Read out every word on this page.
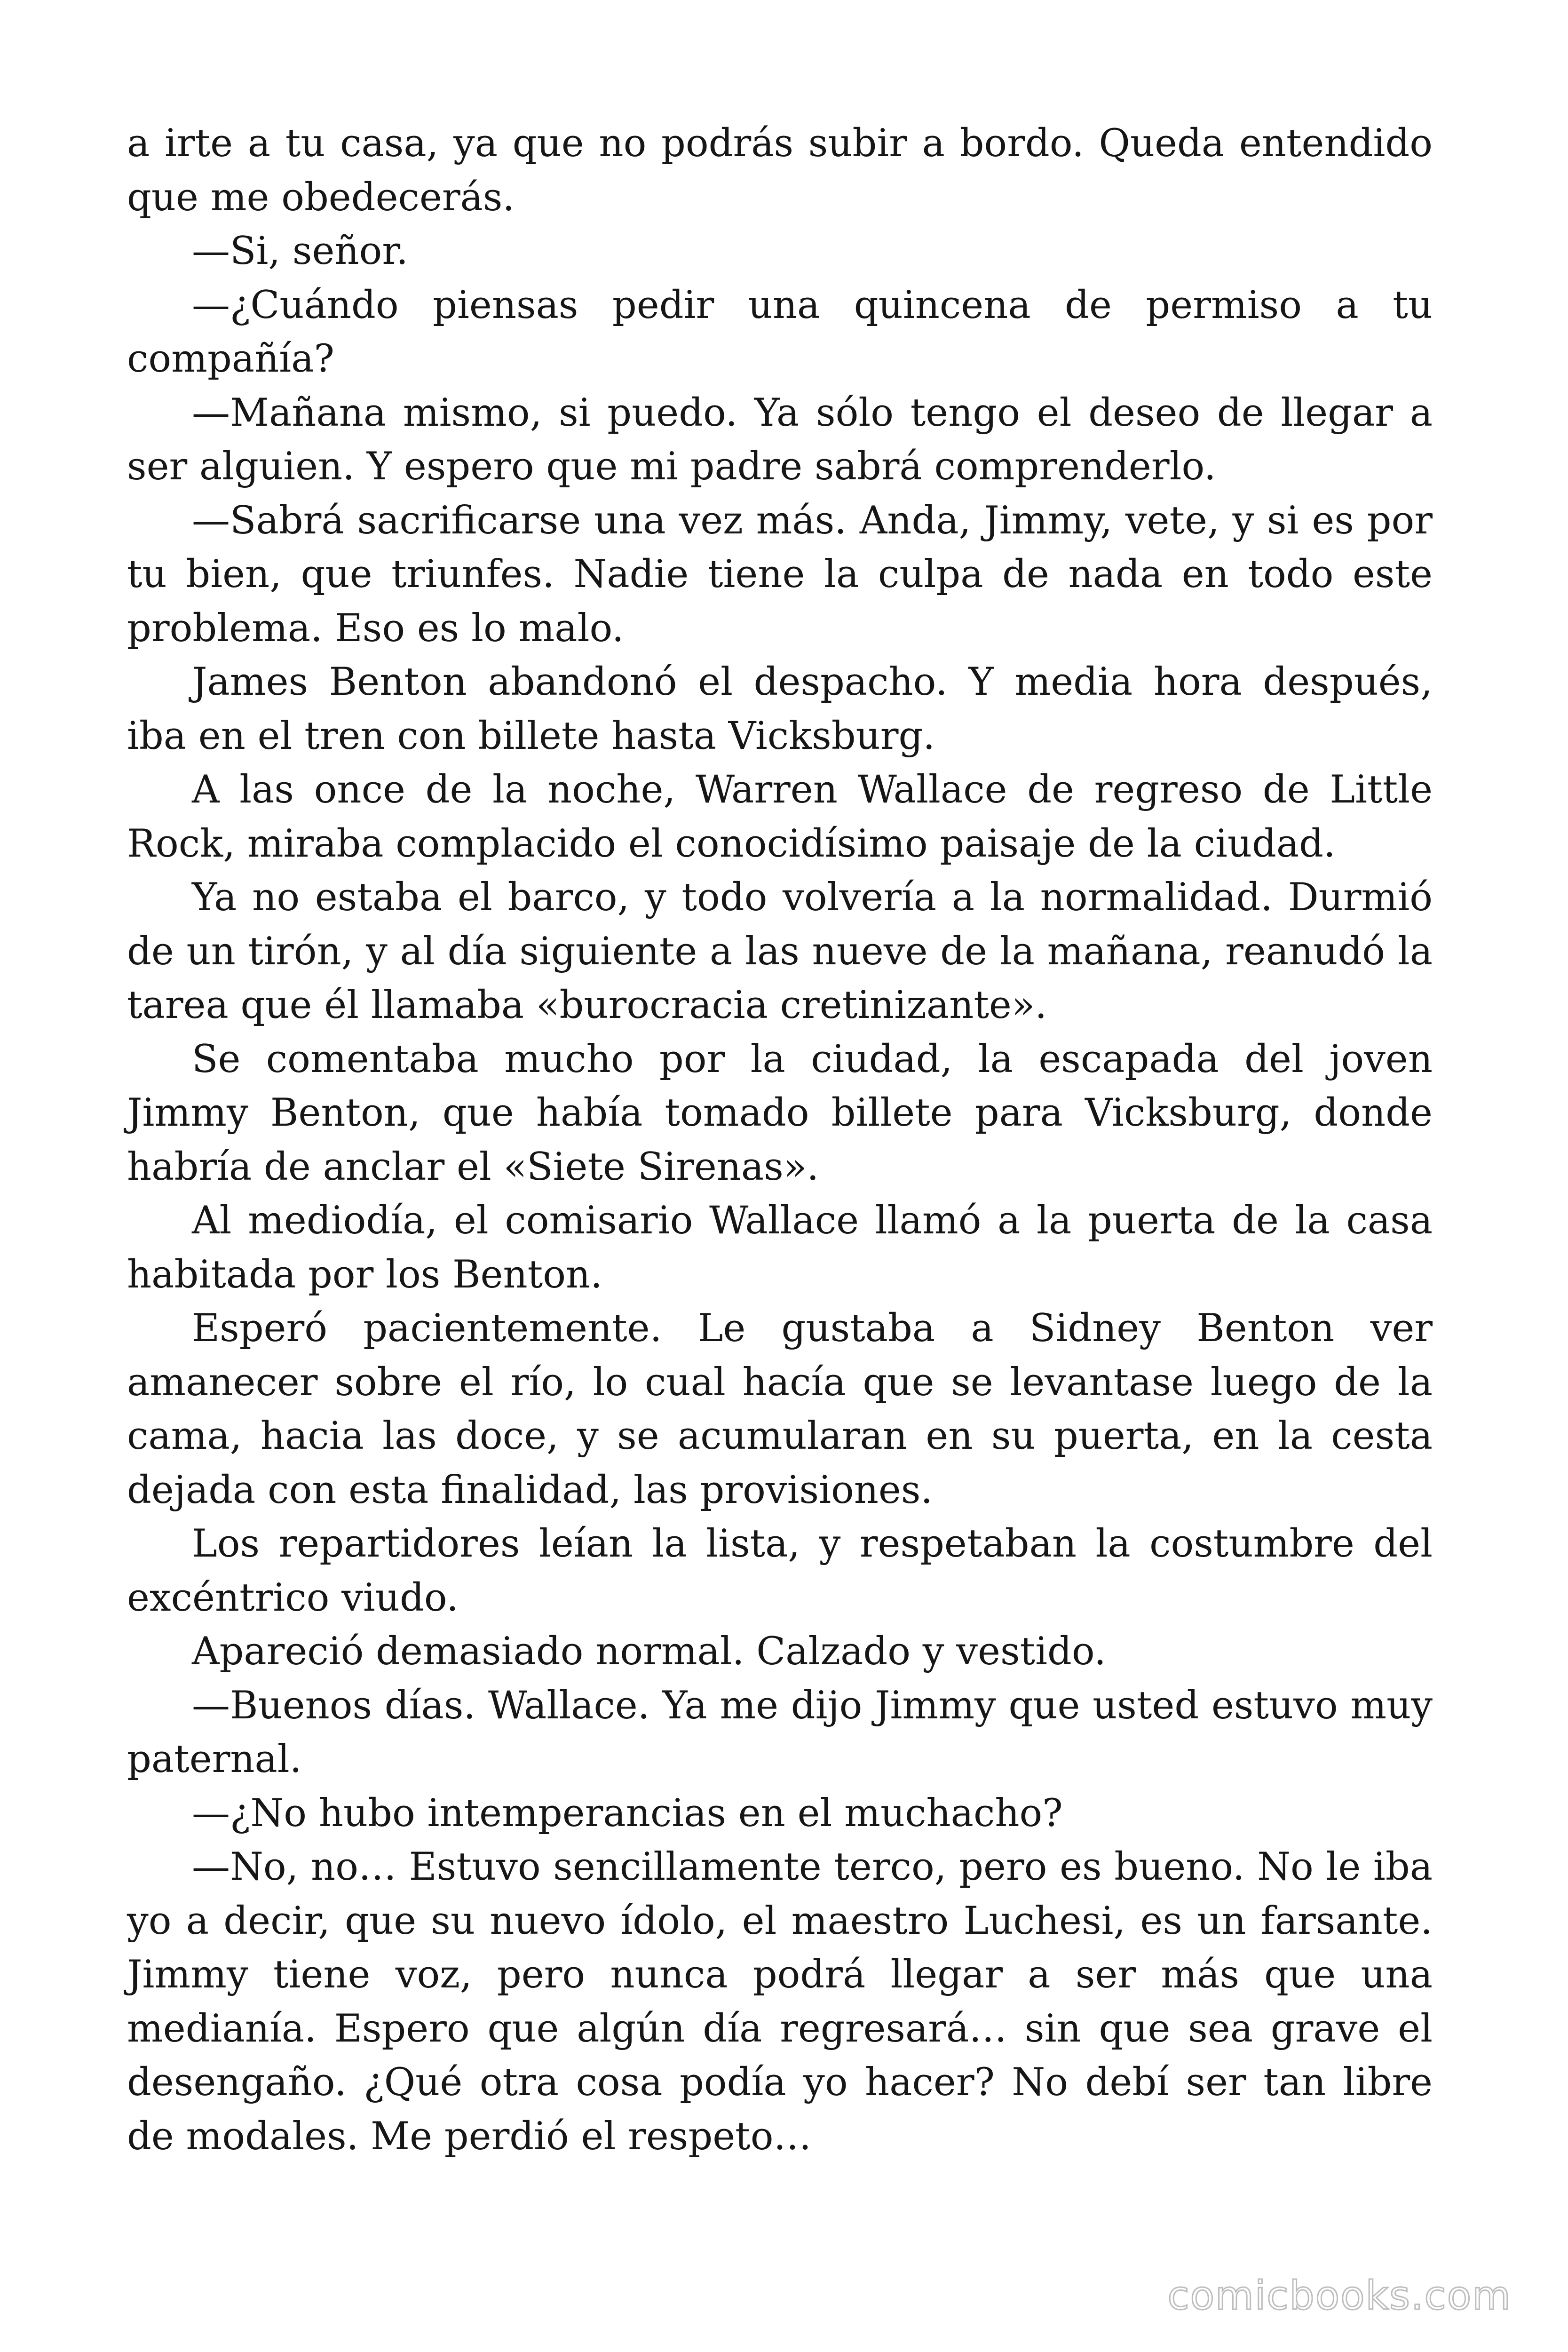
a irte a tu casa, ya que no podrás subir a bordo. Queda entendido que me obedecerás.

—Si, señor.

—¿Cuándo piensas pedir una quincena de permiso a tu compañía?

—Mañana mismo, si puedo. Ya sólo tengo el deseo de llegar a ser alguien. Y espero que mi padre sabrá comprenderlo.

—Sabrá sacrificarse una vez más. Anda, Jimmy, vete, y si es por tu bien, que triunfes. Nadie tiene la culpa de nada en todo este problema. Eso es lo malo.

James Benton abandonó el despacho. Y media hora después, iba en el tren con billete hasta Vicksburg.

A las once de la noche, Warren Wallace de regreso de Little Rock, miraba complacido el conocidísimo paisaje de la ciudad.

Ya no estaba el barco, y todo volvería a la normalidad. Durmió de un tirón, y al día siguiente a las nueve de la mañana, reanudó la tarea que él llamaba «burocracia cretinizante».

Se comentaba mucho por la ciudad, la escapada del joven Jimmy Benton, que había tomado billete para Vicksburg, donde habría de anclar el «Siete Sirenas».

Al mediodía, el comisario Wallace llamó a la puerta de la casa habitada por los Benton.

Esperó pacientemente. Le gustaba a Sidney Benton ver amanecer sobre el río, lo cual hacía que se levantase luego de la cama, hacia las doce, y se acumularan en su puerta, en la cesta dejada con esta finalidad, las provisiones.

Los repartidores leían la lista, y respetaban la costumbre del excéntrico viudo.

Apareció demasiado normal. Calzado y vestido.

—Buenos días. Wallace. Ya me dijo Jimmy que usted estuvo muy paternal.

—¿No hubo intemperancias en el muchacho?

—No, no… Estuvo sencillamente terco, pero es bueno. No le iba yo a decir, que su nuevo ídolo, el maestro Luchesi, es un farsante. Jimmy tiene voz, pero nunca podrá llegar a ser más que una medianía. Espero que algún día regresará… sin que sea grave el desengaño. ¿Qué otra cosa podía yo hacer? No debí ser tan libre de modales. Me perdió el respeto…

comicbooks.com
